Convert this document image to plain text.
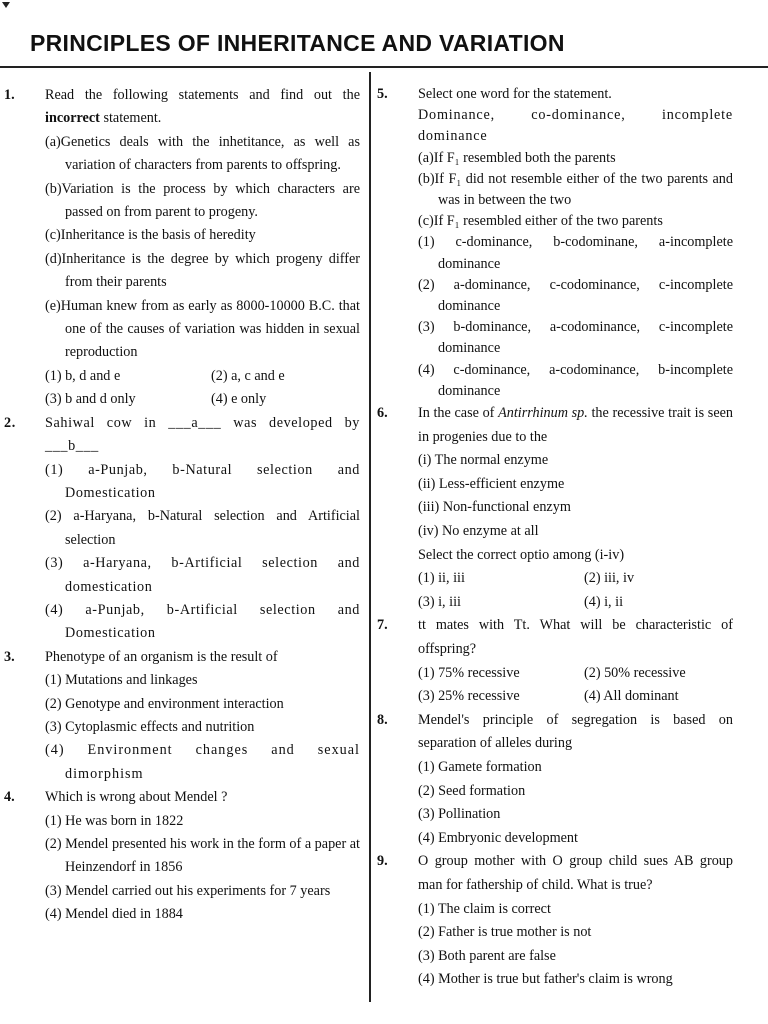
PRINCIPLES OF INHERITANCE AND VARIATION
1. Read the following statements and find out the incorrect statement.
(a)Genetics deals with the inhetitance, as well as variation of characters from parents to offspring.
(b)Variation is the process by which characters are passed on from parent to progeny.
(c)Inheritance is the basis of heredity
(d)Inheritance is the degree by which progeny differ from their parents
(e)Human knew from as early as 8000-10000 B.C. that one of the causes of variation was hidden in sexual reproduction
(1) b, d and e	(2) a, c and e
(3) b and d only	(4) e only
2. Sahiwal cow in ___a___ was developed by ___b___
(1) a-Punjab, b-Natural selection and Domestication
(2) a-Haryana, b-Natural selection and Artificial selection
(3) a-Haryana, b-Artificial selection and domestication
(4) a-Punjab, b-Artificial selection and Domestication
3. Phenotype of an organism is the result of
(1) Mutations and linkages
(2) Genotype and environment interaction
(3) Cytoplasmic effects and nutrition
(4) Environment changes and sexual dimorphism
4. Which is wrong about Mendel ?
(1) He was born in 1822
(2) Mendel presented his work in the form of a paper at Heinzendorf in 1856
(3) Mendel carried out his experiments for 7 years
(4) Mendel died in 1884
5. Select one word for the statement.
Dominance, co-dominance, incomplete dominance
(a)If F₁ resembled both the parents
(b)If F₁ did not resemble either of the two parents and was in between the two
(c)If F₁ resembled either of the two parents
(1) c-dominance, b-codominane, a-incomplete dominance
(2) a-dominance, c-codominance, c-incomplete dominance
(3) b-dominance, a-codominance, c-incomplete dominance
(4) c-dominance, a-codominance, b-incomplete dominance
6. In the case of Antirrhinum sp. the recessive trait is seen in progenies due to the
(i) The normal enzyme
(ii) Less-efficient enzyme
(iii) Non-functional enzym
(iv) No enzyme at all
Select the correct optio among (i-iv)
(1) ii, iii	(2) iii, iv
(3) i, iii	(4) i, ii
7. tt mates with Tt. What will be characteristic of offspring?
(1) 75% recessive	(2) 50% recessive
(3) 25% recessive	(4) All dominant
8. Mendel's principle of segregation is based on separation of alleles during
(1) Gamete formation
(2) Seed formation
(3) Pollination
(4) Embryonic development
9. O group mother with O group child sues AB group man for fathership of child. What is true?
(1) The claim is correct
(2) Father is true mother is not
(3) Both parent are false
(4) Mother is true but father's claim is wrong
